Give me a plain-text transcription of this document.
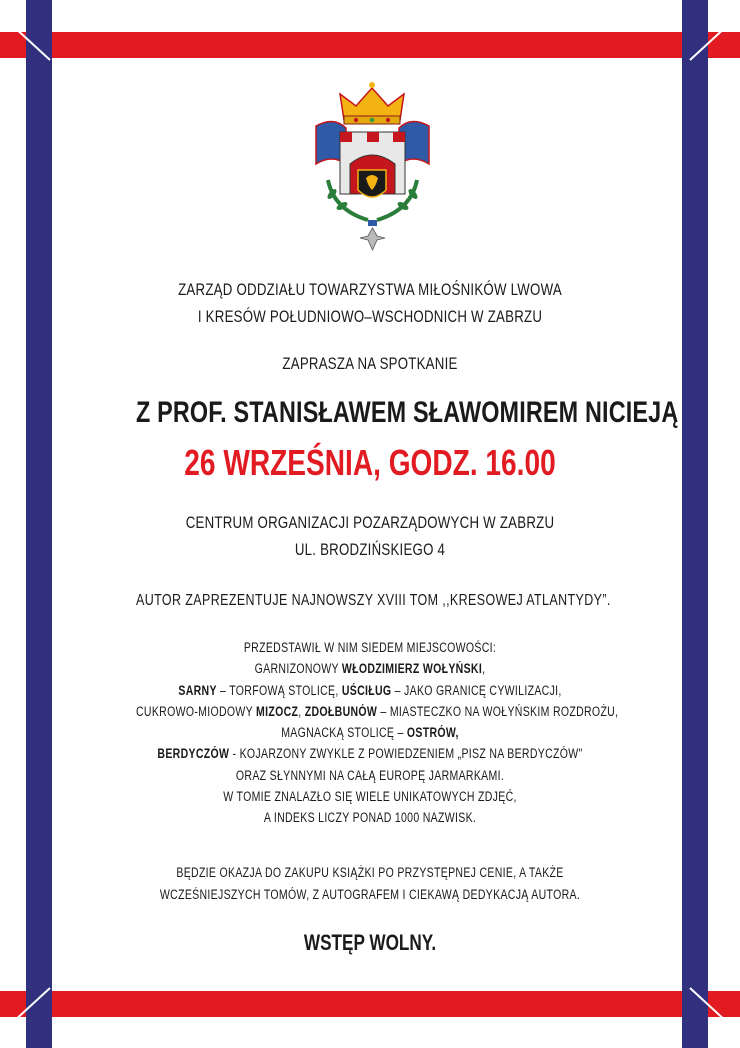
ZARZĄD ODDZIAŁU TOWARZYSTWA MIŁOŚNIKÓW LWOWA
I KRESÓW POŁUDNIOWO–WSCHODNICH W ZABRZU
ZAPRASZA NA SPOTKANIE
Z PROF. STANISŁAWEM SŁAWOMIREM NICIEJĄ
26 WRZEŚNIA, GODZ. 16.00
CENTRUM ORGANIZACJI POZARZĄDOWYCH W ZABRZU
UL. BRODZIŃSKIEGO 4
AUTOR ZAPREZENTUJE NAJNOWSZY XVIII TOM ,,KRESOWEJ ATLANTYDY”.
PRZEDSTAWIŁ W NIM SIEDEM MIEJSCOWOŚCI:
GARNIZONOWY WŁODZIMIERZ WOŁYŃSKI,
SARNY – TORFOWĄ STOLICĘ, UŚCIŁUG – JAKO GRANICĘ CYWILIZACJI,
CUKROWO-MIODOWY MIZOCZ, ZDOŁBUNÓW – MIASTECZKO NA WOŁYŃSKIM ROZDROŻU,
MAGNACKĄ STOLICĘ – OSTRÓW,
BERDYCZÓW - KOJARZONY ZWYKLE Z POWIEDZENIEM „PISZ NA BERDYCZÓW"
ORAZ SŁYNNYMI NA CAŁĄ EUROPĘ JARMARKAMI.
W TOMIE ZNALAZŁO SIĘ WIELE UNIKATOWYCH ZDJĘĆ,
A INDEKS LICZY PONAD 1000 NAZWISK.
BĘDZIE OKAZJA DO ZAKUPU KSIĄŻKI PO PRZYSTĘPNEJ CENIE, A TAKŻE
WCZEŚNIEJSZYCH TOMÓW, Z AUTOGRAFEM I CIEKAWĄ DEDYKACJĄ AUTORA.
WSTĘP WOLNY.
